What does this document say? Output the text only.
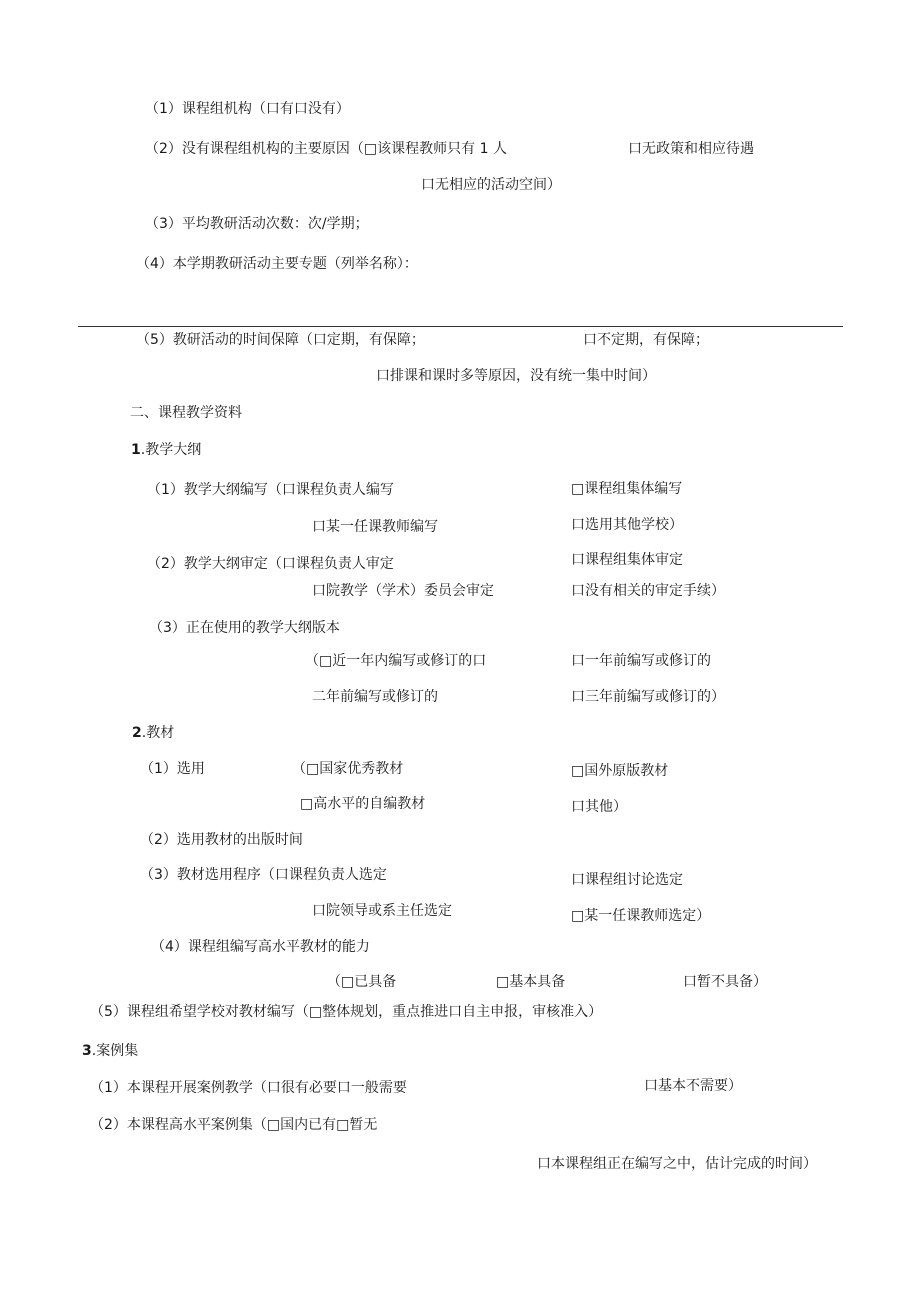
（1）课程组机构（口有口没有）
（2）没有课程组机构的主要原因（□该课程教师只有 1 人	口无政策和相应待遇
口无相应的活动空间）
（3）平均教研活动次数：次/学期；
（4）本学期教研活动主要专题（列举名称）：
（5）教研活动的时间保障（口定期，有保障；	口不定期，有保障；
口排课和课时多等原因，没有统一集中时间）
二、课程教学资料
1.教学大纲
（1）教学大纲编写（口课程负责人编写	□课程组集体编写
口某一任课教师编写	口选用其他学校）
（2）教学大纲审定（口课程负责人审定	口课程组集体审定
口院教学（学术）委员会审定	口没有相关的审定手续）
（3）正在使用的教学大纲版本
（□近一年内编写或修订的口	口一年前编写或修订的
二年前编写或修订的	口三年前编写或修订的）
2.教材
（1）选用	（□国家优秀教材	□国外原版教材
□高水平的自编教材	口其他）
（2）选用教材的出版时间
（3）教材选用程序（口课程负责人选定	口课程组讨论选定
口院领导或系主任选定	□某一任课教师选定）
（4）课程组编写高水平教材的能力
（□已具备	□基本具备	口暂不具备）
（5）课程组希望学校对教材编写（□整体规划，重点推进口自主申报，审核准入）
3.案例集
（1）本课程开展案例教学（口很有必要口一般需要	口基本不需要）
（2）本课程高水平案例集（□国内已有□暂无
口本课程组正在编写之中，估计完成的时间）
